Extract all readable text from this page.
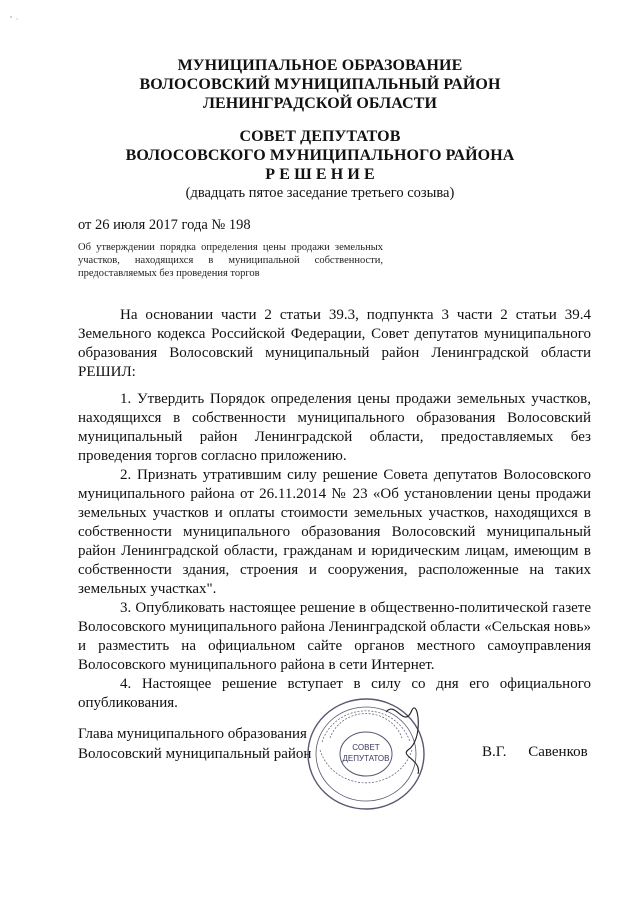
МУНИЦИПАЛЬНОЕ ОБРАЗОВАНИЕ
ВОЛОСОВСКИЙ МУНИЦИПАЛЬНЫЙ РАЙОН
ЛЕНИНГРАДСКОЙ ОБЛАСТИ
СОВЕТ ДЕПУТАТОВ
ВОЛОСОВСКОГО МУНИЦИПАЛЬНОГО РАЙОНА
Р Е Ш Е Н И Е
(двадцать пятое заседание третьего созыва)
от 26 июля 2017 года № 198
Об утверждении порядка определения цены продажи земельных
участков, находящихся в муниципальной собственности,
предоставляемых без проведения торгов

На основании части 2 статьи 39.3, подпункта 3 части 2 статьи 39.4 Земельного кодекса Российской Федерации, Совет депутатов муниципального образования Волосовский муниципальный район Ленинградской области РЕШИЛ:

1. Утвердить Порядок определения цены продажи земельных участков, находящихся в собственности муниципального образования Волосовский муниципальный район Ленинградской области, предоставляемых без проведения торгов согласно приложению.

2. Признать утратившим силу решение Совета депутатов Волосовского муниципального района от 26.11.2014 № 23 «Об установлении цены продажи земельных участков и оплаты стоимости земельных участков, находящихся в собственности муниципального образования Волосовский муниципальный район Ленинградской области, гражданам и юридическим лицам, имеющим в собственности здания, строения и сооружения, расположенные на таких земельных участках".

3. Опубликовать настоящее решение в общественно-политической газете Волосовского муниципального района Ленинградской области «Сельская новь» и разместить на официальном сайте органов местного самоуправления Волосовского муниципального района в сети Интернет.

4. Настоящее решение вступает в силу со дня его официального опубликования.

Глава муниципального образования
Волосовский муниципальный район	В.Г. Савенков
СОВЕТ
ДЕПУТАТОВ
